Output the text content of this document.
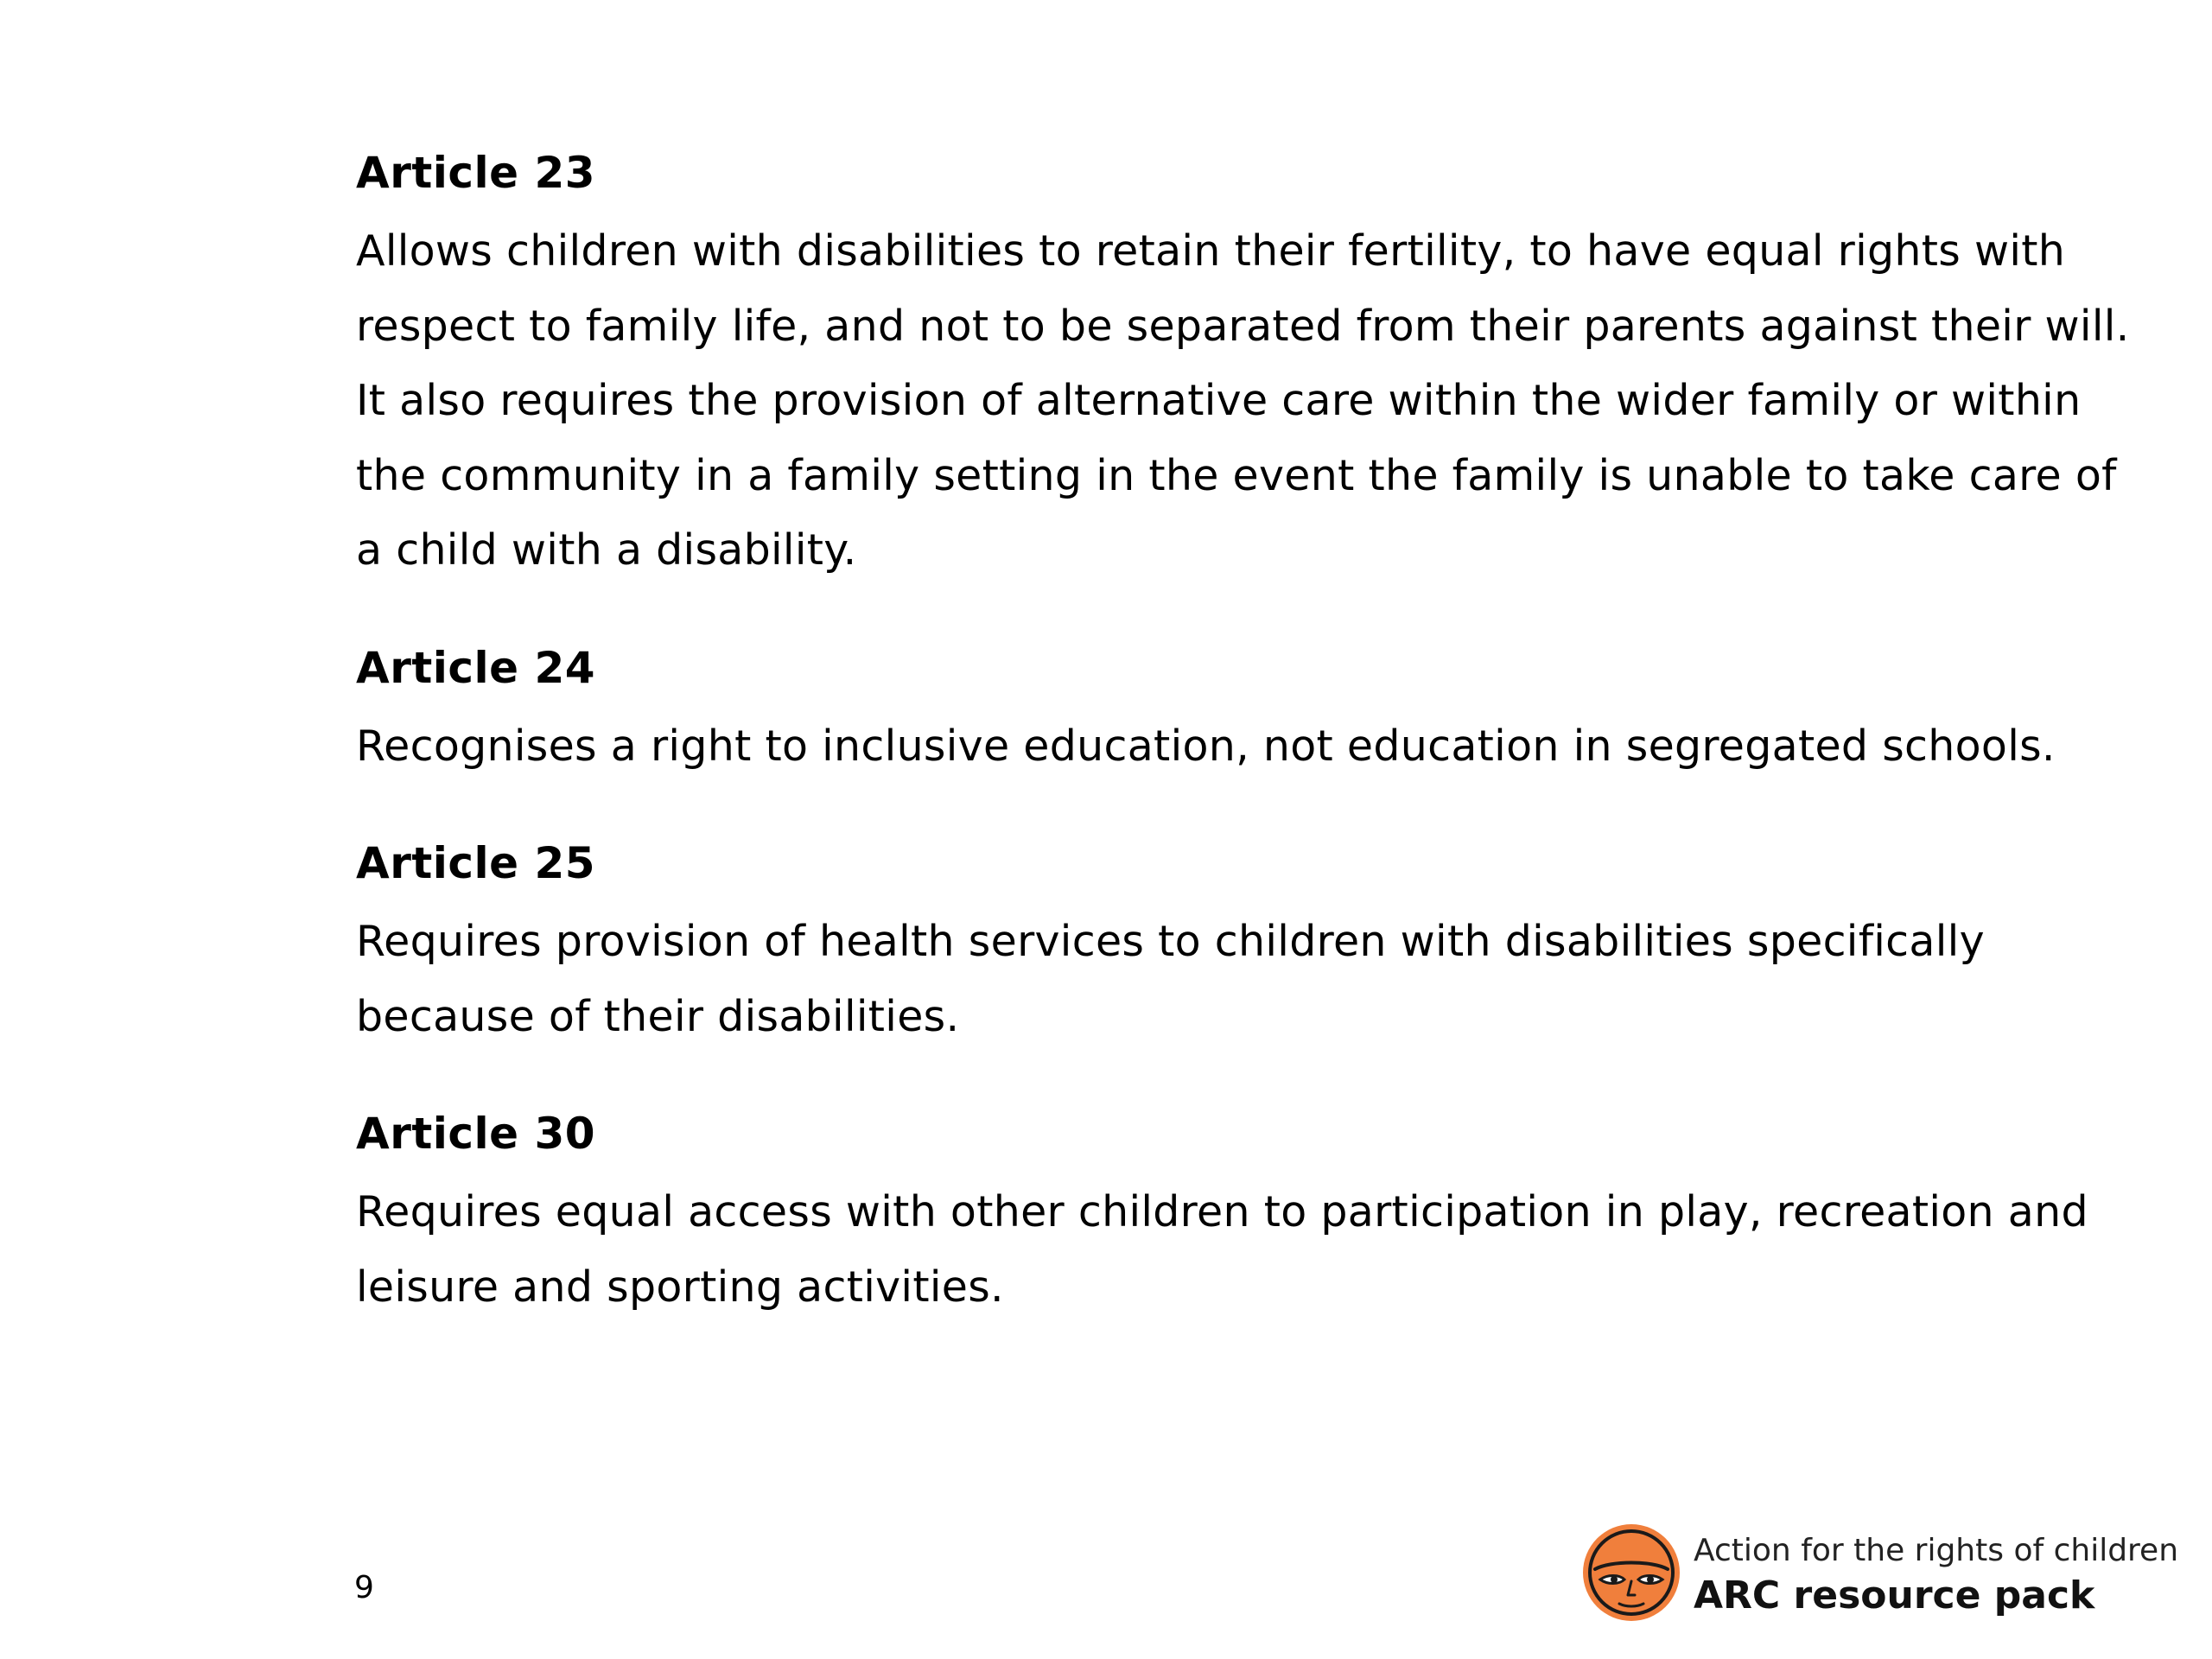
Article 23

Allows children with disabilities to retain their fertility, to have equal rights with respect to family life, and not to be separated from their parents against their will. It also requires the provision of alternative care within the wider family or within the community in a family setting in the event the family is unable to take care of a child with a disability.

Article 24

Recognises a right to inclusive education, not education in segregated schools.

Article 25

Requires provision of health services to children with disabilities specifically because of their disabilities.

Article 30

Requires equal access with other children to participation in play, recreation and leisure and sporting activities.

9
Action for the rights of children
ARC resource pack
